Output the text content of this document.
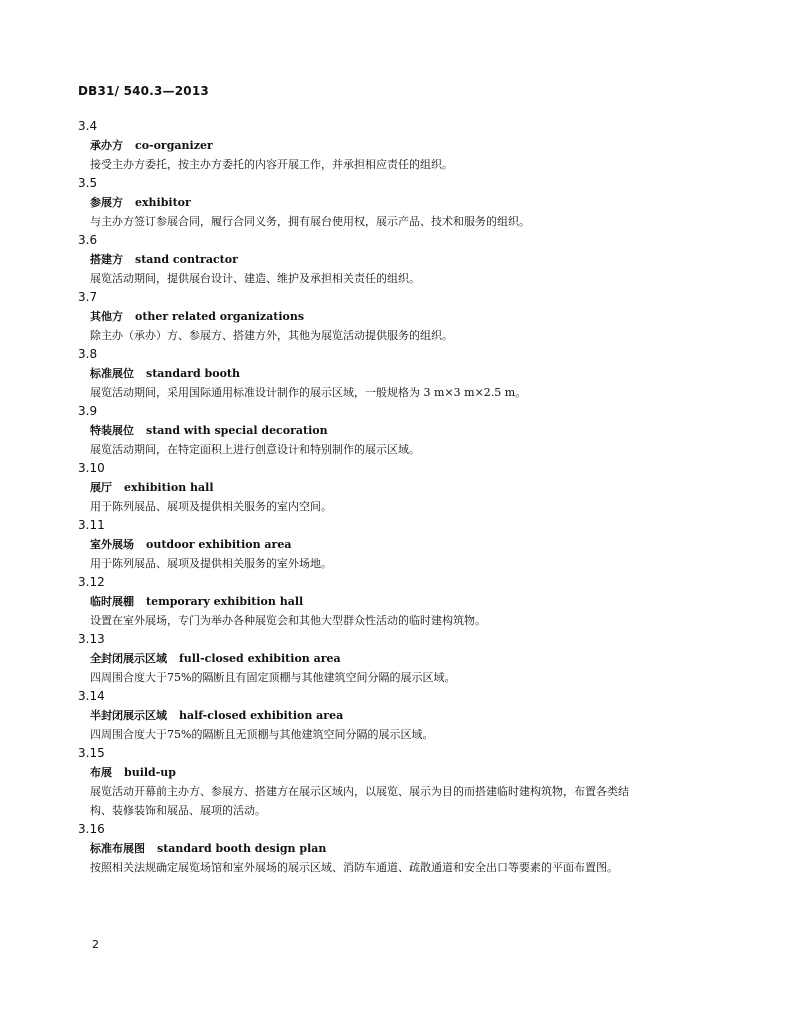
DB31/ 540.3—2013
3.4
承办方 co-organizer
接受主办方委托，按主办方委托的内容开展工作，并承担相应责任的组织。
3.5
参展方 exhibitor
与主办方签订参展合同，履行合同义务，拥有展台使用权，展示产品、技术和服务的组织。
3.6
搭建方 stand contractor
展览活动期间，提供展台设计、建造、维护及承担相关责任的组织。
3.7
其他方 other related organizations
除主办（承办）方、参展方、搭建方外，其他为展览活动提供服务的组织。
3.8
标准展位 standard booth
展览活动期间，采用国际通用标准设计制作的展示区域，一般规格为 3 m×3 m×2.5 m。
3.9
特装展位 stand with special decoration
展览活动期间，在特定面积上进行创意设计和特别制作的展示区域。
3.10
展厅 exhibition hall
用于陈列展品、展项及提供相关服务的室内空间。
3.11
室外展场 outdoor exhibition area
用于陈列展品、展项及提供相关服务的室外场地。
3.12
临时展棚 temporary exhibition hall
设置在室外展场，专门为举办各种展览会和其他大型群众性活动的临时建构筑物。
3.13
全封闭展示区域 full-closed exhibition area
四周围合度大于75%的隔断且有固定顶棚与其他建筑空间分隔的展示区域。
3.14
半封闭展示区域 half-closed exhibition area
四周围合度大于75%的隔断且无顶棚与其他建筑空间分隔的展示区域。
3.15
布展 build-up
展览活动开幕前主办方、参展方、搭建方在展示区域内，以展览、展示为目的而搭建临时建构筑物，布置各类结构、装修装饰和展品、展项的活动。
3.16
标准布展图 standard booth design plan
按照相关法规确定展览场馆和室外展场的展示区域、消防车通道、疏散通道和安全出口等要素的平面布置图。
2
